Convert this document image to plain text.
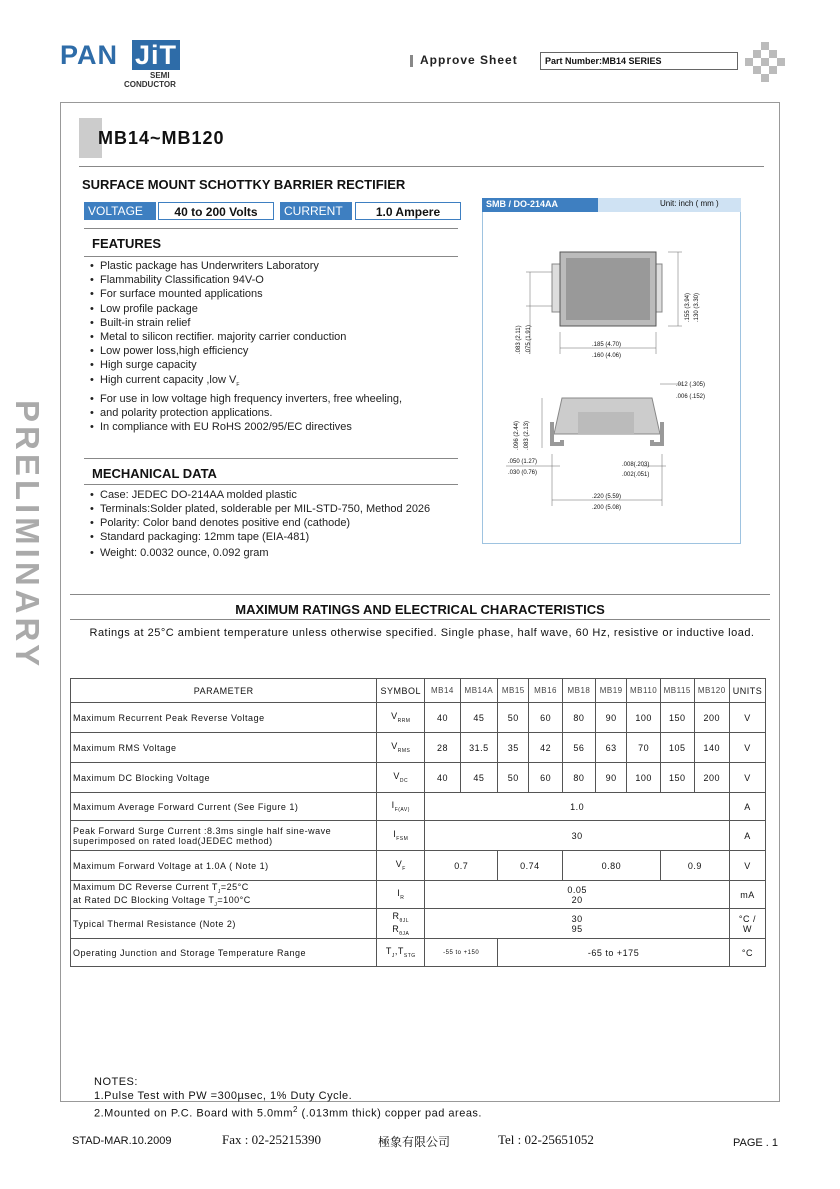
PAN JiT
SEMI
CONDUCTOR
Approve Sheet	Part Number:MB14 SERIES
PRELIMINARY
MB14~MB120
SURFACE MOUNT SCHOTTKY BARRIER RECTIFIER
VOLTAGE	40 to 200 Volts	CURRENT	1.0 Ampere
FEATURES
• Plastic package has Underwriters Laboratory
• Flammability Classification 94V-O
• For surface mounted applications
• Low profile package
• Built-in strain relief
• Metal to silicon rectifier. majority carrier conduction
• Low power loss,high efficiency
• High surge capacity
• High current capacity ,low $V_F$
• For use in low voltage high frequency inverters, free wheeling,
• and polarity protection applications.
• In compliance with EU RoHS 2002/95/EC directives
MECHANICAL DATA
• Case: JEDEC DO-214AA molded plastic
• Terminals:Solder plated, solderable per MIL-STD-750, Method 2026
• Polarity: Color band denotes positive end (cathode)
• Standard packaging: 12mm tape (EIA-481)
• Weight: 0.0032 ounce, 0.092 gram
SMB / DO-214AA	Unit: inch ( mm )
.155 (3.94) .130 (3.30)
.083 (2.11) .075 (1.91)	.185 (4.70)
.160 (4.06)
.096 (2.44) .083 (2.13)
.012 (.305)
.006 (.152)
.050 (1.27)
.030 (0.76)
.008(.203)
.002(.051)
.220 (5.59)
.200 (5.08)
MAXIMUM RATINGS AND ELECTRICAL CHARACTERISTICS
Ratings at 25°C ambient temperature unless otherwise specified. Single phase, half wave, 60 Hz, resistive or inductive load.
PARAMETER	SYMBOL	MB14	MB14A	MB15	MB16	MB18	MB19	MB110	MB115	MB120	UNITS
Maximum Recurrent Peak Reverse Voltage	$V_{RRM}$	40	45	50	60	80	90	100	150	200	V
Maximum RMS Voltage	$V_{RMS}$	28	31.5	35	42	56	63	70	105	140	V
Maximum DC Blocking Voltage	$V_{DC}$	40	45	50	60	80	90	100	150	200	V
Maximum Average Forward Current (See Figure 1)	$I_{F(AV)}$	1.0									A
Peak Forward Surge Current :8.3ms single half sine-wave
superimposed on rated load(JEDEC method)	$I_{FSM}$	30									A
Maximum Forward Voltage at 1.0A ( Note 1)	$V_F$	0.7		0.74		0.80			0.9		V
Maximum DC Reverse Current $T_J=25^\circ C$
at Rated DC Blocking Voltage $T_J=100^\circ C$	$I_R$	0.05
20									mA
Typical Thermal Resistance (Note 2)	$R_{\theta JL}$
$R_{\theta JA}$	30
95									°C /
W
Operating Junction and Storage Temperature Range	$T_J,T_{STG}$	-55 to +150		-65 to +175							°C
NOTES:
1.Pulse Test with PW =300µsec, 1% Duty Cycle.
2.Mounted on P.C. Board with $5.0mm^2$ (.013mm thick) copper pad areas.
STAD-MAR.10.2009	Fax : 02-25215390	極象有限公司	Tel : 02-25651052	PAGE . 1
